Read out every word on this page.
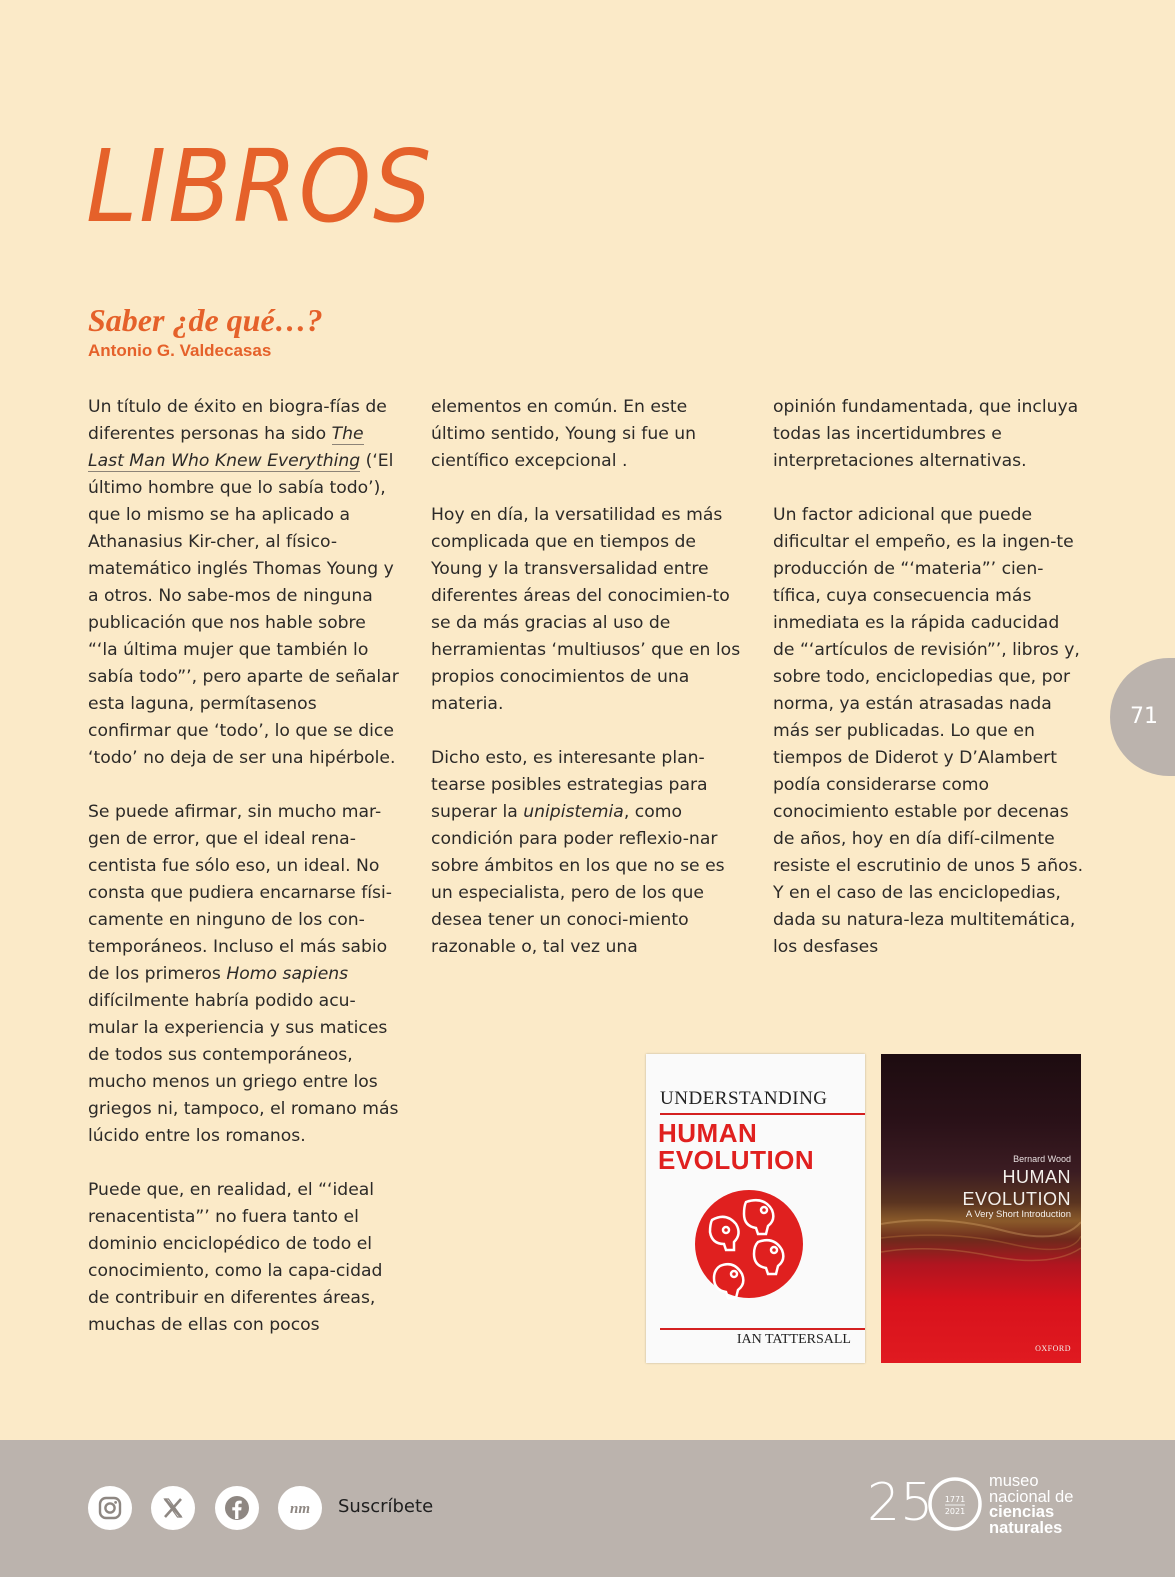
LIBROS
Saber ¿de qué…?
Antonio G. Valdecasas

Un título de éxito en biogra-fías de diferentes personas ha sido The Last Man Who Knew Everything (‘El último hombre que lo sabía todo’), que lo mismo se ha aplicado a Athanasius Kir-cher, al físico-matemático inglés Thomas Young y a otros. No sabe-mos de ninguna publicación que nos hable sobre “‘la última mujer que también lo sabía todo”’, pero aparte de señalar esta laguna, permítasenos confirmar que ‘todo’, lo que se dice ‘todo’ no deja de ser una hipérbole.

Se puede afirmar, sin mucho mar-gen de error, que el ideal rena-centista fue sólo eso, un ideal. No consta que pudiera encarnarse físi-camente en ninguno de los con-temporáneos. Incluso el más sabio de los primeros Homo sapiens difícilmente habría podido acu-mular la experiencia y sus matices de todos sus contemporáneos, mucho menos un griego entre los griegos ni, tampoco, el romano más lúcido entre los romanos.

Puede que, en realidad, el “‘ideal renacentista”’ no fuera tanto el dominio enciclopédico de todo el conocimiento, como la capa-cidad de contribuir en diferentes áreas, muchas de ellas con pocos

elementos en común. En este último sentido, Young si fue un científico excepcional .

Hoy en día, la versatilidad es más complicada que en tiempos de Young y la transversalidad entre diferentes áreas del conocimien-to se da más gracias al uso de herramientas ‘multiusos’ que en los propios conocimientos de una materia.

Dicho esto, es interesante plan-tearse posibles estrategias para superar la unipistemia, como condición para poder reflexio-nar sobre ámbitos en los que no se es un especialista, pero de los que desea tener un conoci-miento razonable o, tal vez una

opinión fundamentada, que incluya todas las incertidumbres e interpretaciones alternativas.

Un factor adicional que puede dificultar el empeño, es la ingen-te producción de “‘materia”’ cien-tífica, cuya consecuencia más inmediata es la rápida caducidad de “‘artículos de revisión”’, libros y, sobre todo, enciclopedias que, por norma, ya están atrasadas nada más ser publicadas. Lo que en tiempos de Diderot y D’Alambert podía considerarse como conocimiento estable por decenas de años, hoy en día difí-cilmente resiste el escrutinio de unos 5 años. Y en el caso de las enciclopedias, dada su natura-leza multitemática, los desfases

71
UNDERSTANDING
HUMAN
EVOLUTION
IAN TATTERSALL
Bernard Wood
HUMAN
EVOLUTION
A Very Short Introduction
OXFORD
nm Suscríbete	25 1771
2021
museo
nacional de
ciencias
naturales
